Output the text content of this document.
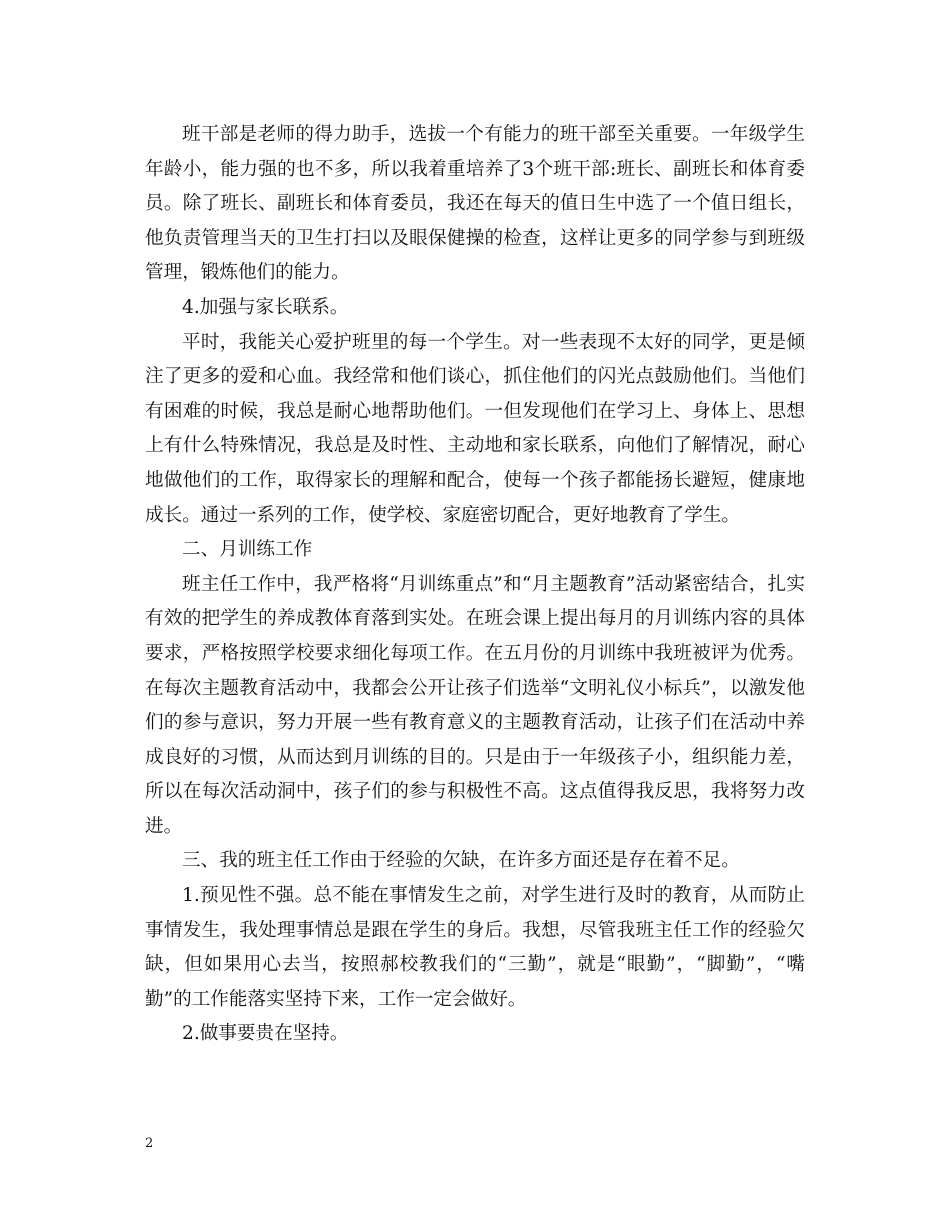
班干部是老师的得力助手，选拔一个有能力的班干部至关重要。一年级学生年龄小，能力强的也不多，所以我着重培养了3个班干部:班长、副班长和体育委员。除了班长、副班长和体育委员，我还在每天的值日生中选了一个值日组长，他负责管理当天的卫生打扫以及眼保健操的检查，这样让更多的同学参与到班级管理，锻炼他们的能力。

4.加强与家长联系。

平时，我能关心爱护班里的每一个学生。对一些表现不太好的同学，更是倾注了更多的爱和心血。我经常和他们谈心，抓住他们的闪光点鼓励他们。当他们有困难的时候，我总是耐心地帮助他们。一但发现他们在学习上、身体上、思想上有什么特殊情况，我总是及时性、主动地和家长联系，向他们了解情况，耐心地做他们的工作，取得家长的理解和配合，使每一个孩子都能扬长避短，健康地成长。通过一系列的工作，使学校、家庭密切配合，更好地教育了学生。

二、月训练工作

班主任工作中，我严格将“月训练重点”和“月主题教育”活动紧密结合，扎实有效的把学生的养成教体育落到实处。在班会课上提出每月的月训练内容的具体要求，严格按照学校要求细化每项工作。在五月份的月训练中我班被评为优秀。在每次主题教育活动中，我都会公开让孩子们选举“文明礼仪小标兵”，以激发他们的参与意识，努力开展一些有教育意义的主题教育活动，让孩子们在活动中养成良好的习惯，从而达到月训练的目的。只是由于一年级孩子小，组织能力差，所以在每次活动洞中，孩子们的参与积极性不高。这点值得我反思，我将努力改进。

三、我的班主任工作由于经验的欠缺，在许多方面还是存在着不足。

1.预见性不强。总不能在事情发生之前，对学生进行及时的教育，从而防止事情发生，我处理事情总是跟在学生的身后。我想，尽管我班主任工作的经验欠缺，但如果用心去当，按照郝校教我们的“三勤”，就是“眼勤”，“脚勤”，“嘴勤”的工作能落实坚持下来，工作一定会做好。

2.做事要贵在坚持。

2
